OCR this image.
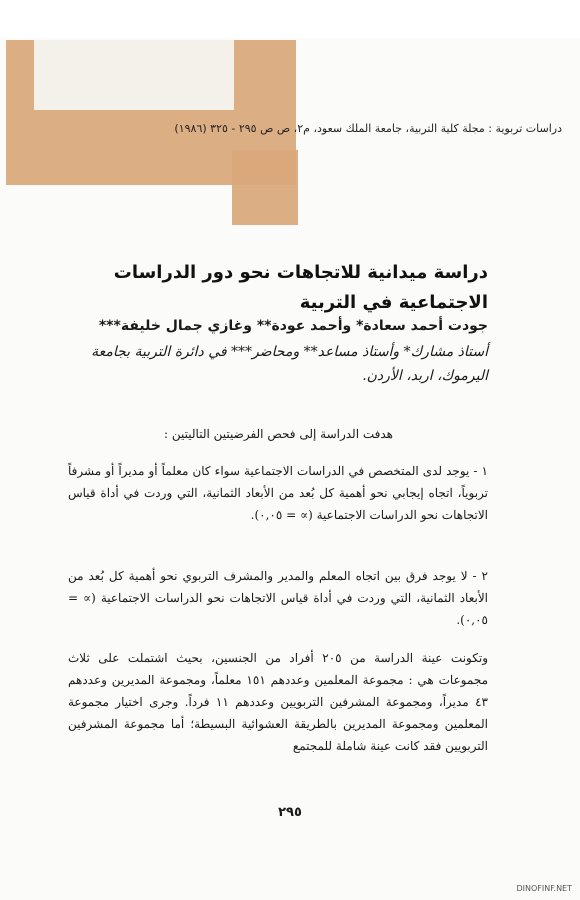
دراسات تربوية : مجلة كلية التربية، جامعة الملك سعود، م٢، ص ص ٢٩٥ - ٣٢٥ (١٩٨٦)
دراسة ميدانية للاتجاهات نحو دور الدراسات الاجتماعية في التربية
جودت أحمد سعادة* وأحمد عودة** وغازي جمال خليفة***
أستاذ مشارك* وأستاذ مساعد** ومحاضر*** في دائرة التربية بجامعة اليرموك، اربد، الأردن.
هدفت الدراسة إلى فحص الفرضيتين التاليتين :
١ - يوجد لدى المتخصص في الدراسات الاجتماعية سواء كان معلماً أو مديراً أو مشرفاً تربوياً، اتجاه إيجابي نحو أهمية كل بُعد من الأبعاد الثمانية، التي وردت في أداة قياس الاتجاهات نحو الدراسات الاجتماعية (∝ = ٠,٠٥).
٢ - لا يوجد فرق بين اتجاه المعلم والمدير والمشرف التربوي نحو أهمية كل بُعد من الأبعاد الثمانية، التي وردت في أداة قياس الاتجاهات نحو الدراسات الاجتماعية (∝ = ٠,٠٥).
وتكونت عينة الدراسة من ٢٠٥ أفراد من الجنسين، بحيث اشتملت على ثلاث مجموعات هي : مجموعة المعلمين وعددهم ١٥١ معلماً، ومجموعة المديرين وعددهم ٤٣ مديراً، ومجموعة المشرفين التربويين وعددهم ١١ فرداً. وجرى اختيار مجموعة المعلمين ومجموعة المديرين بالطريقة العشوائية البسيطة؛ أما مجموعة المشرفين التربويين فقد كانت عينة شاملة للمجتمع
٢٩٥
DINOFINF.NET
